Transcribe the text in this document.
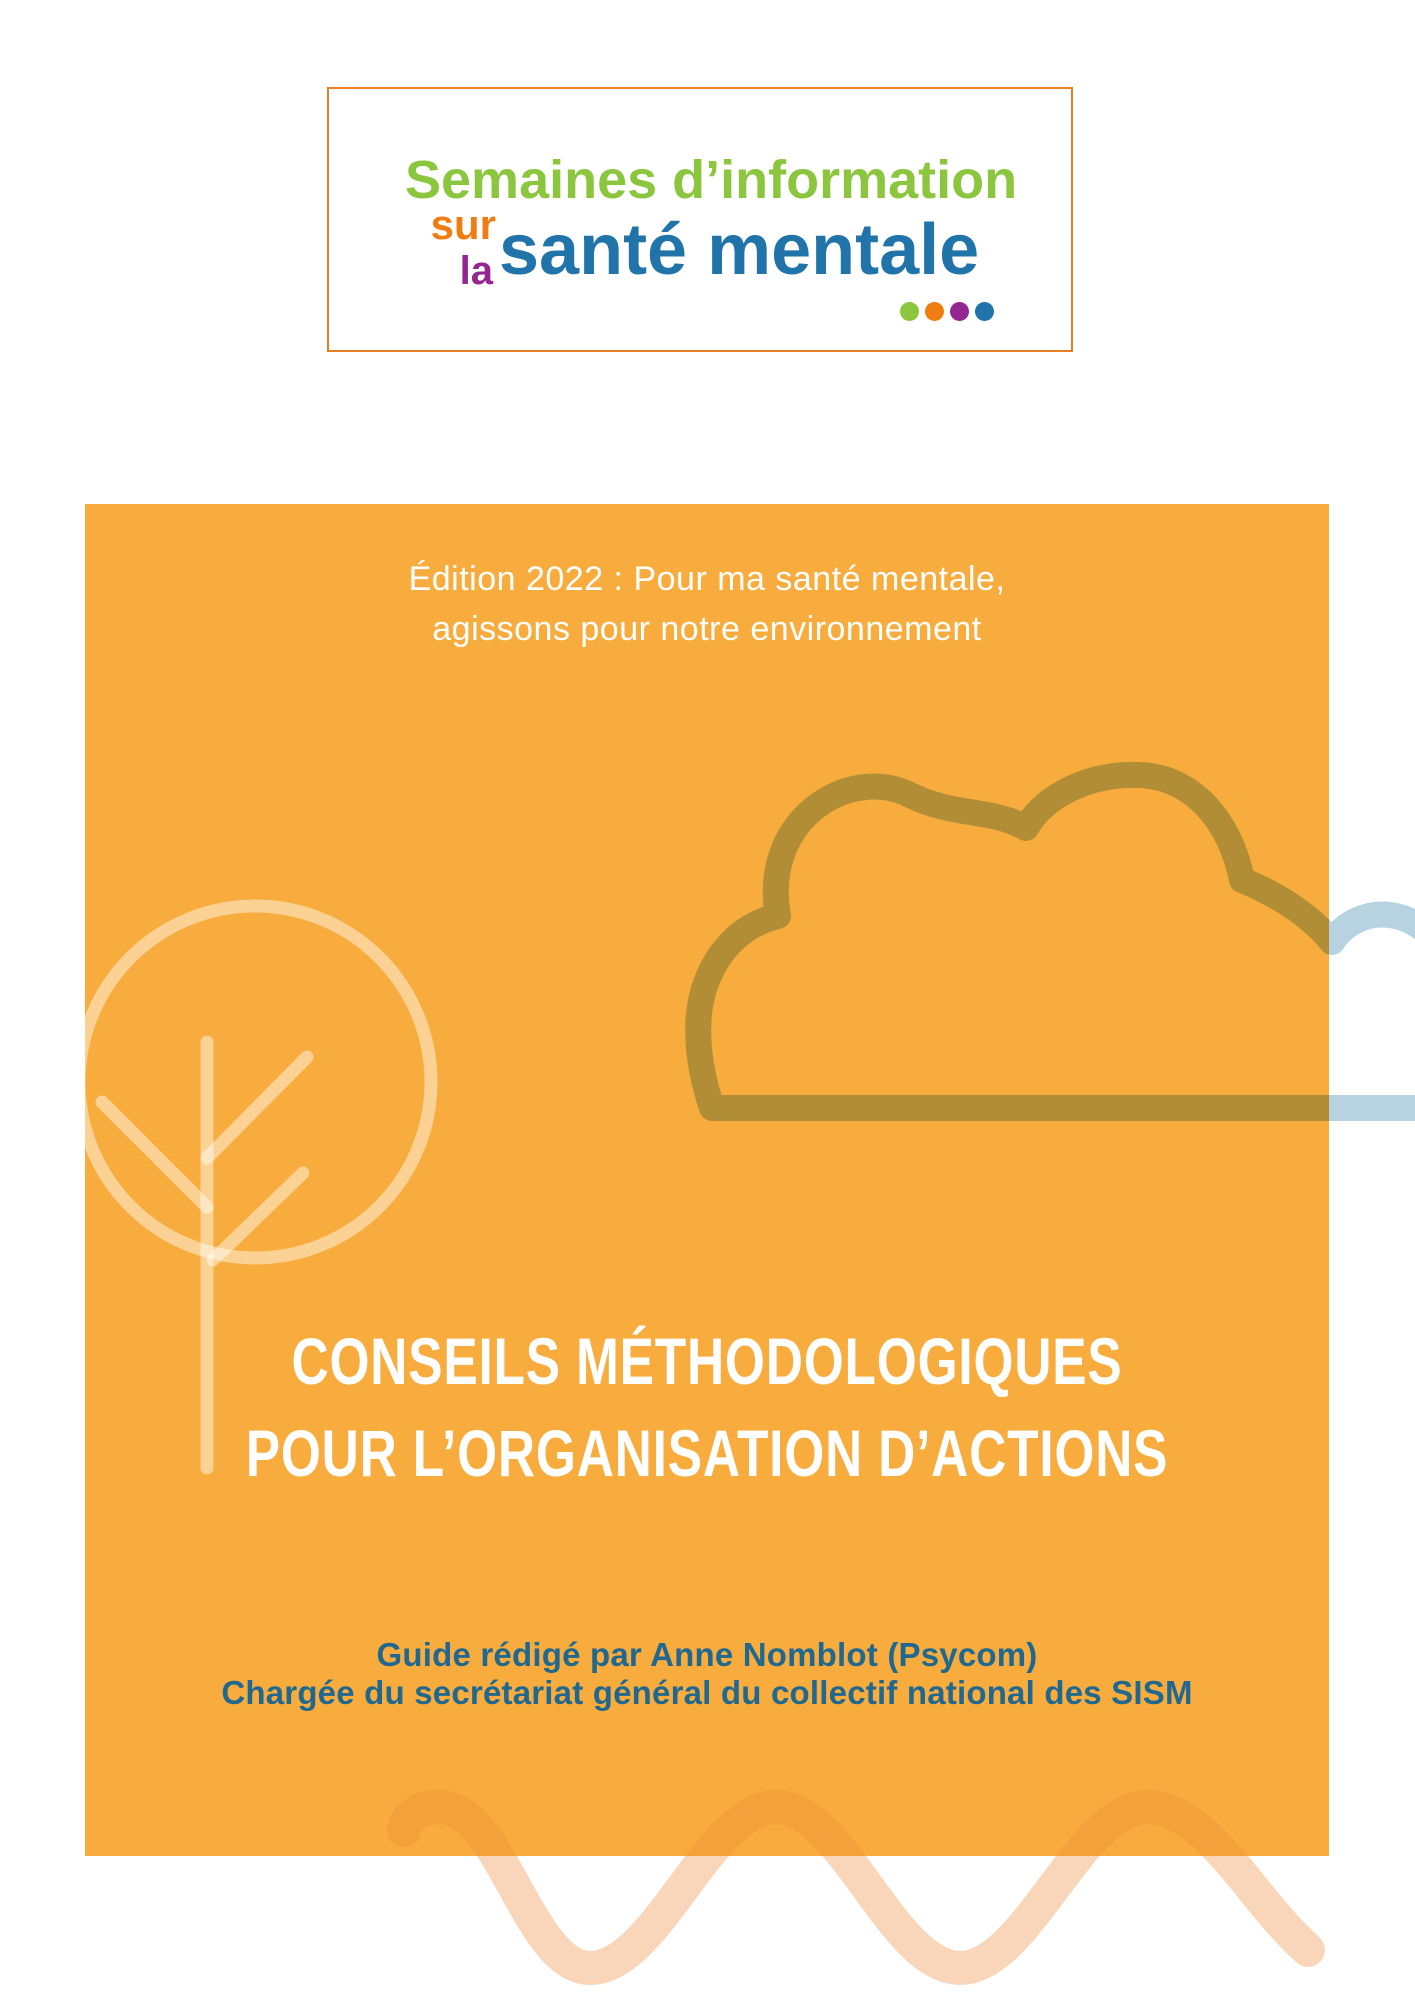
Semaines d’information
sur
la santé mentale
Édition 2022 : Pour ma santé mentale,
agissons pour notre environnement
CONSEILS MÉTHODOLOGIQUES
POUR L’ORGANISATION D’ACTIONS
Guide rédigé par Anne Nomblot (Psycom)
Chargée du secrétariat général du collectif national des SISM
